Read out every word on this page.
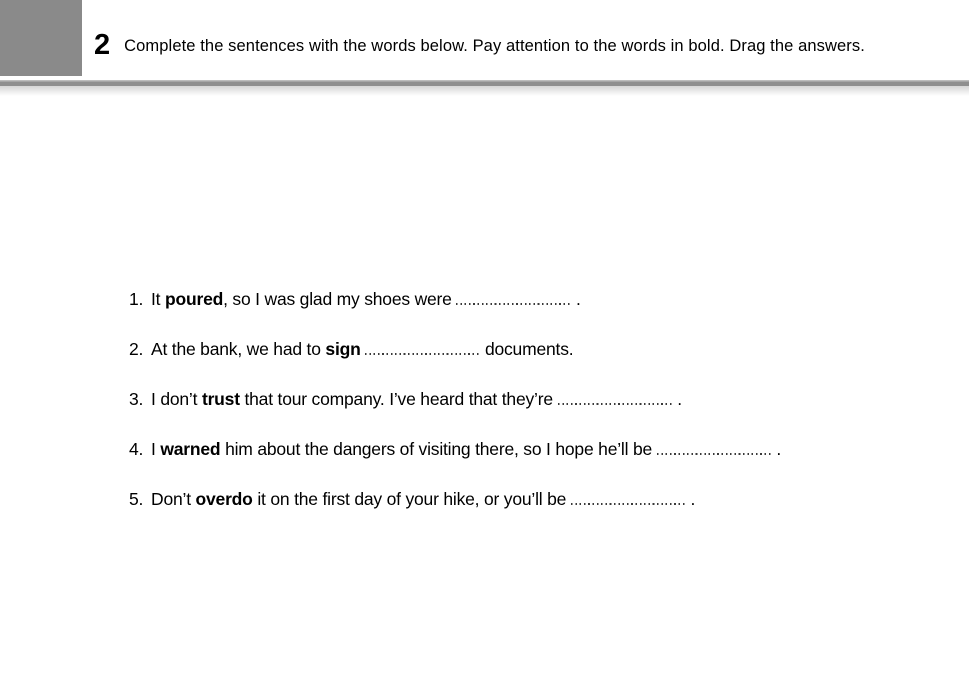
2 Complete the sentences with the words below. Pay attention to the words in bold. Drag the answers.
1. It poured, so I was glad my shoes were	.
2. At the bank, we had to sign	documents.
3. I don’t trust that tour company. I’ve heard that they’re	.
4. I warned him about the dangers of visiting there, so I hope he’ll be	.
5. Don’t overdo it on the first day of your hike, or you’ll be	.
